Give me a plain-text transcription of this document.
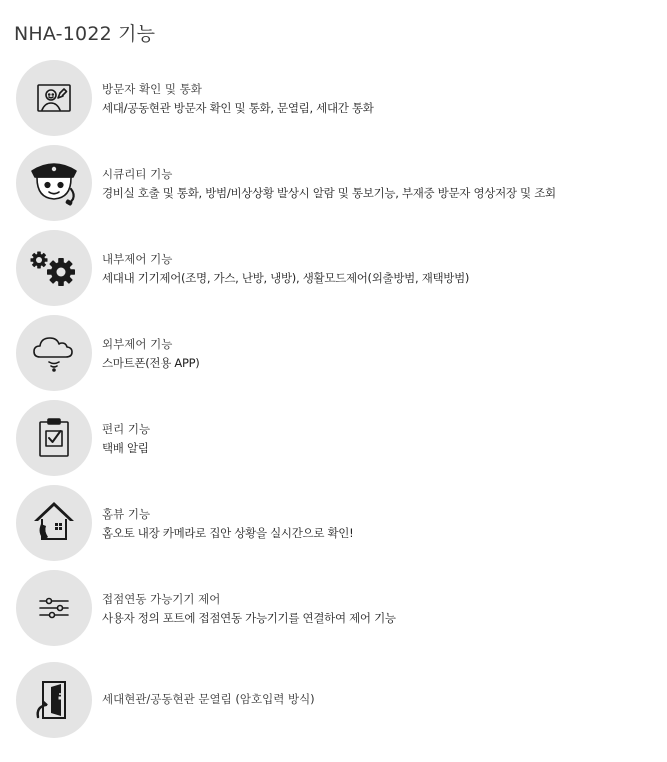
NHA-1022 기능
방문자 확인 및 통화
세대/공동현관 방문자 확인 및 통화, 문열림, 세대간 통화
시큐리티 기능
경비실 호출 및 통화, 방범/비상상황 발상시 알람 및 통보기능, 부재중 방문자 영상저장 및 조회
내부제어 기능
세대내 기기제어(조명, 가스, 난방, 냉방), 생활모드제어(외출방범, 재택방범)
외부제어 기능
스마트폰(전용 APP)
편리 기능
택배 알림
홈뷰 기능
홈오토 내장 카메라로 집안 상황을 실시간으로 확인!
접점연동 가능기기 제어
사용자 정의 포트에 접점연동 가능기기를 연결하여 제어 기능
세대현관/공동현관 문열림 (암호입력 방식)
